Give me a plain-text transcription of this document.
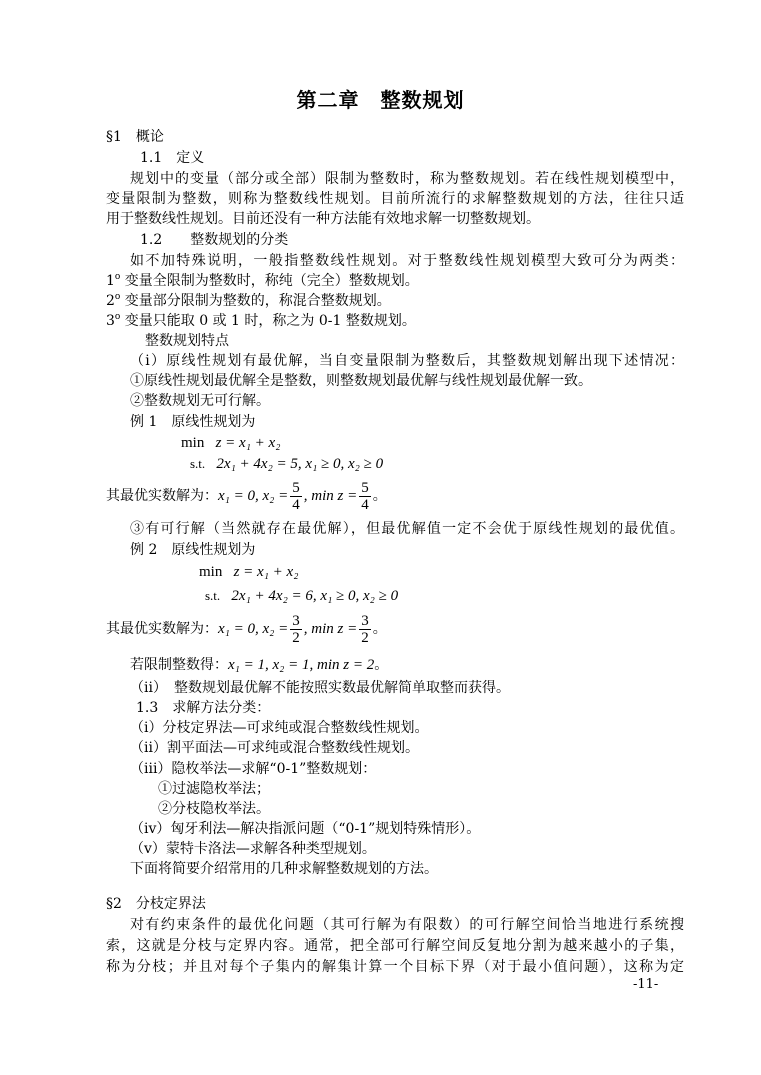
第二章　整数规划
§1　概论
1.1　定义
规划中的变量（部分或全部）限制为整数时，称为整数规划。若在线性规划模型中，
变量限制为整数，则称为整数线性规划。目前所流行的求解整数规划的方法，往往只适
用于整数线性规划。目前还没有一种方法能有效地求解一切整数规划。
1.2　　整数规划的分类
如不加特殊说明，一般指整数线性规划。对于整数线性规划模型大致可分为两类：
1$^o$ 变量全限制为整数时，称纯（完全）整数规划。
2$^o$ 变量部分限制为整数的，称混合整数规划。
3$^o$ 变量只能取 0 或 1 时，称之为 0-1 整数规划。
整数规划特点
（i）原线性规划有最优解，当自变量限制为整数后，其整数规划解出现下述情况：
①原线性规划最优解全是整数，则整数规划最优解与线性规划最优解一致。
②整数规划无可行解。
例 1　原线性规划为
min z = x₁ + x₂
s.t. 2x₁ + 4x₂ = 5, x₁ ≥ 0, x₂ ≥ 0
其最优实数解为：x₁ = 0, $x_2 = \frac{5}{4}$ , $\min z = \frac{5}{4}$ 。
③有可行解（当然就存在最优解），但最优解值一定不会优于原线性规划的最优值。
例 2　原线性规划为
min z = x₁ + x₂
s.t. 2x₁ + 4x₂ = 6, x₁ ≥ 0, x₂ ≥ 0
其最优实数解为：x₁ = 0, $x_2 = \frac{3}{2}$ , $\min z = \frac{3}{2}$ 。
若限制整数得：x₁ = 1, x₂ = 1, min z = 2。
（ii）　整数规划最优解不能按照实数最优解简单取整而获得。
1.3　求解方法分类：
（i）分枝定界法—可求纯或混合整数线性规划。
（ii）割平面法—可求纯或混合整数线性规划。
（iii）隐枚举法—求解“0-1”整数规划：
①过滤隐枚举法；
②分枝隐枚举法。
（iv）匈牙利法—解决指派问题（“0-1”规划特殊情形）。
（v）蒙特卡洛法—求解各种类型规划。
下面将简要介绍常用的几种求解整数规划的方法。
§2　分枝定界法
对有约束条件的最优化问题（其可行解为有限数）的可行解空间恰当地进行系统搜
索，这就是分枝与定界内容。通常，把全部可行解空间反复地分割为越来越小的子集，
称为分枝；并且对每个子集内的解集计算一个目标下界（对于最小值问题），这称为定
-11-
